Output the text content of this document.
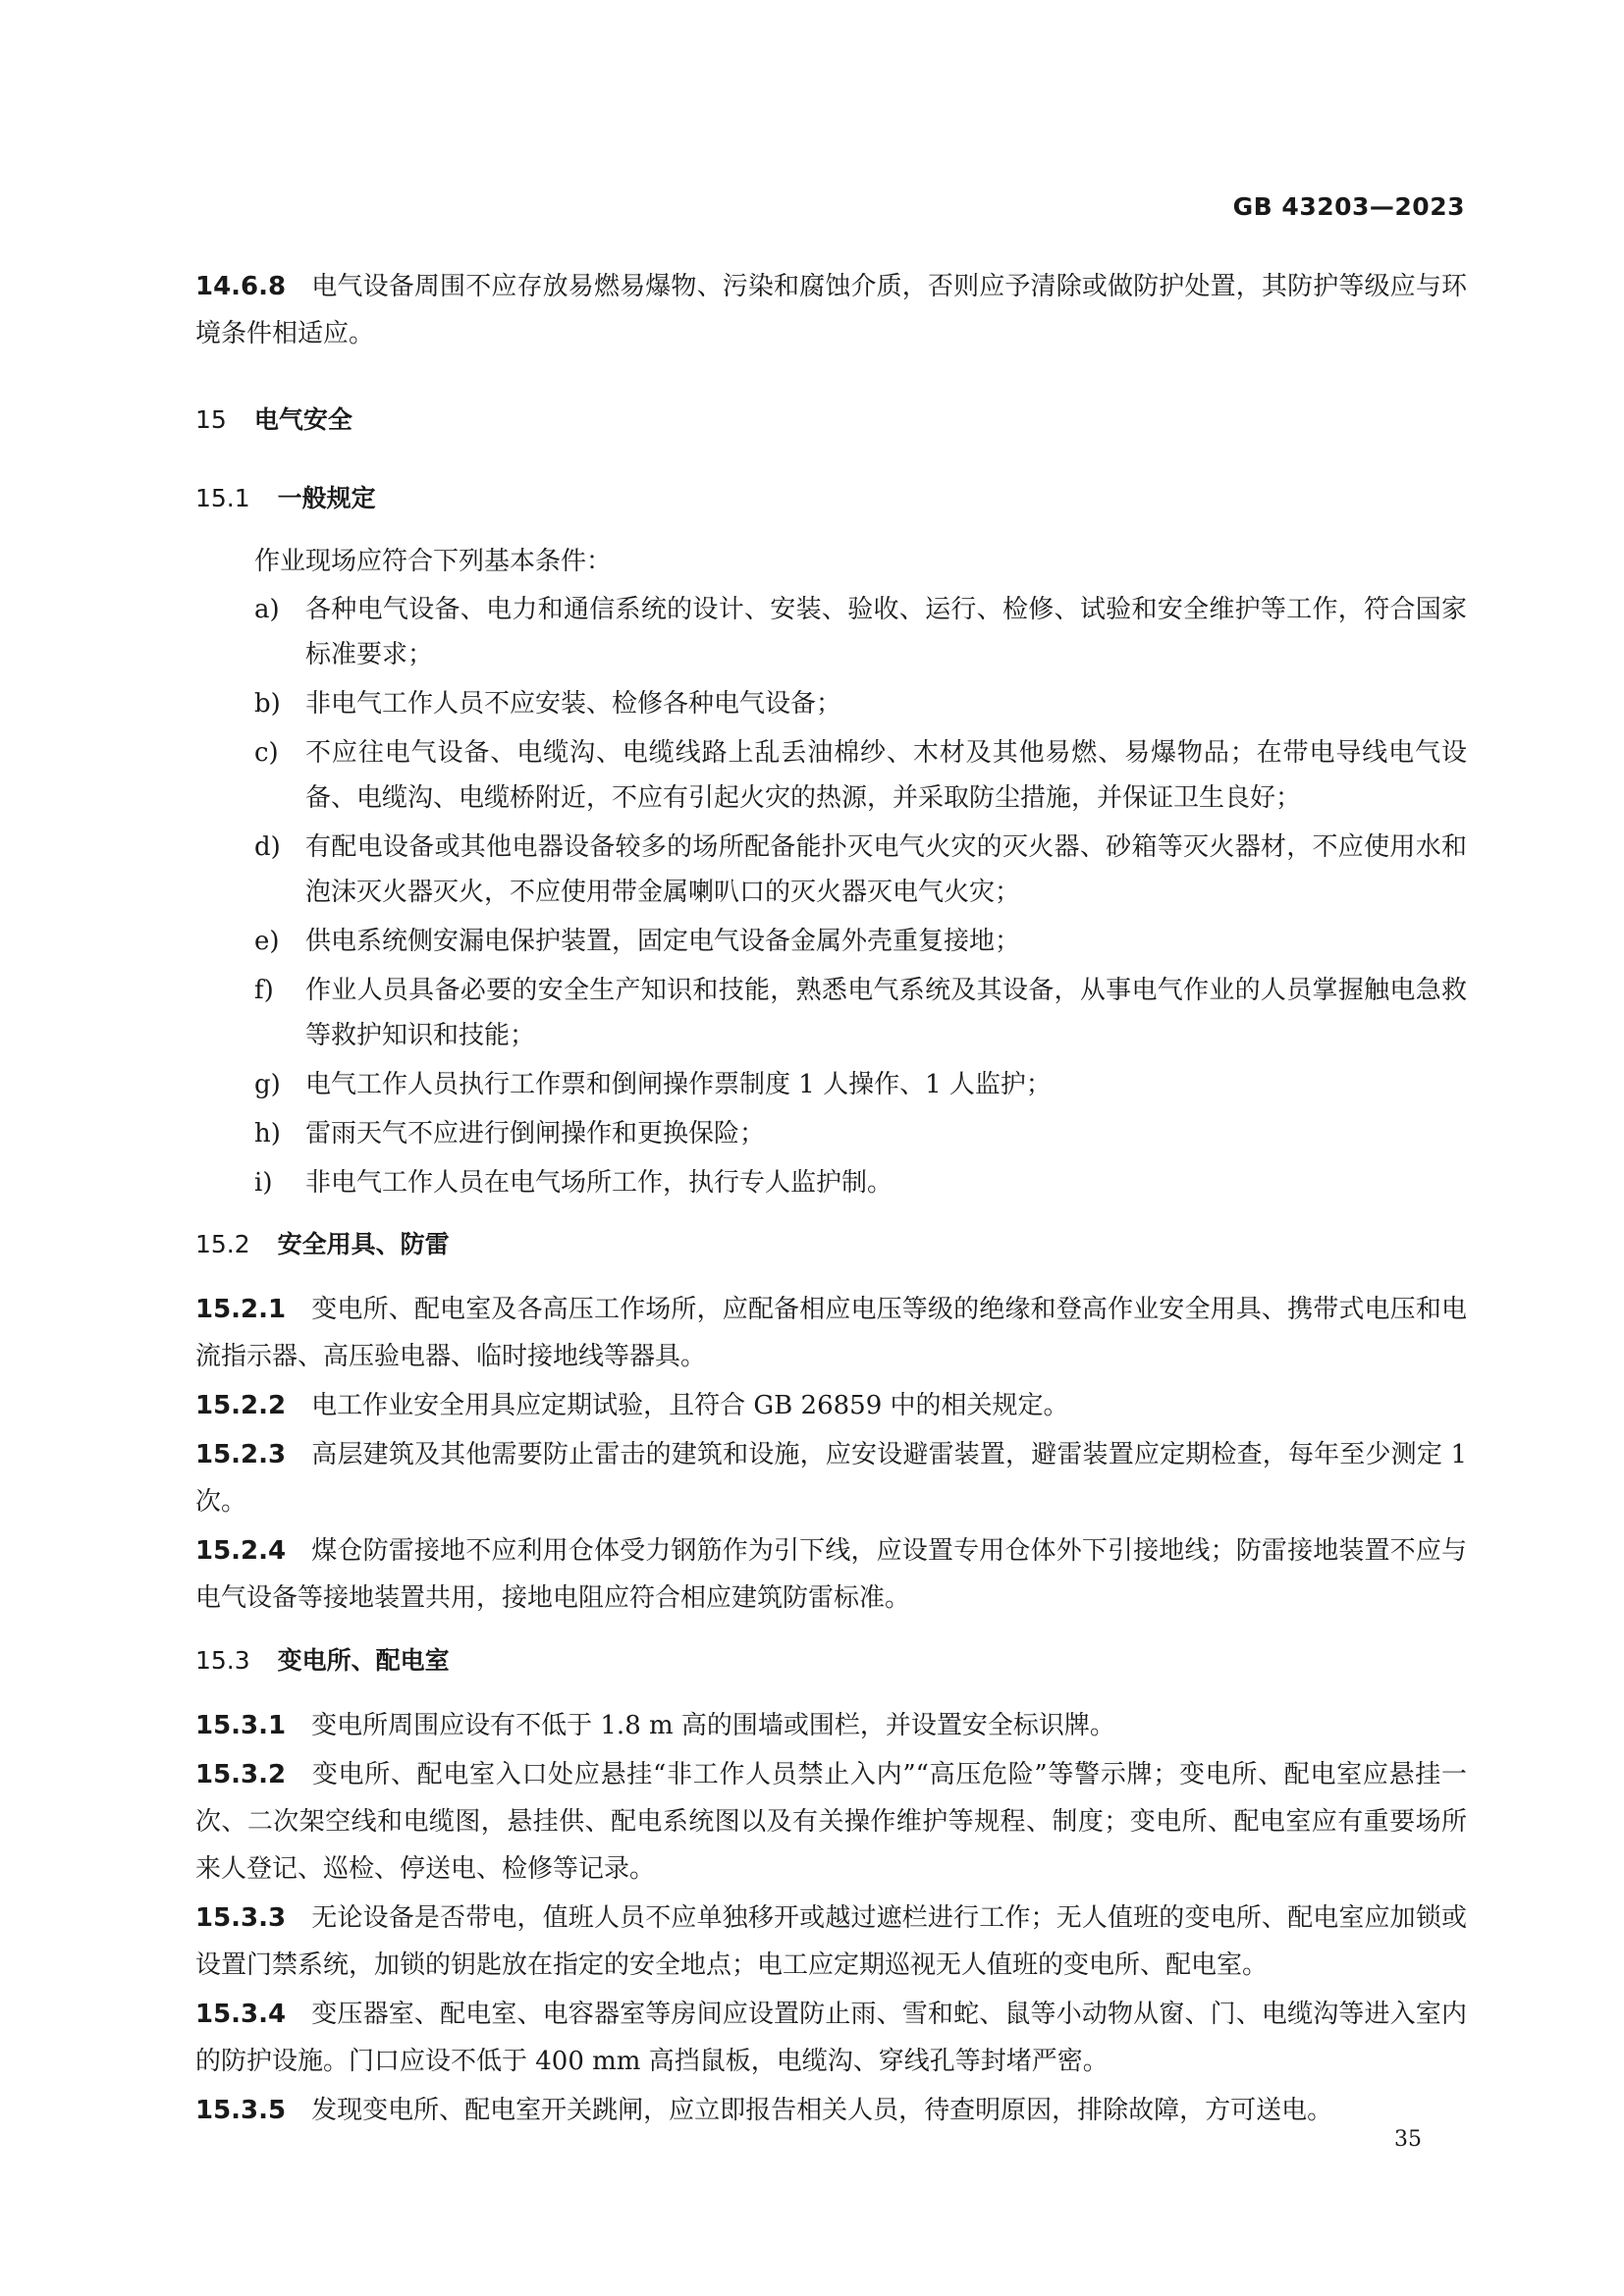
GB 43203—2023

14.6.8 电气设备周围不应存放易燃易爆物、污染和腐蚀介质，否则应予清除或做防护处置，其防护等级应与环境条件相适应。

15 电气安全
15.1 一般规定

作业现场应符合下列基本条件：

a) 各种电气设备、电力和通信系统的设计、安装、验收、运行、检修、试验和安全维护等工作，符合国家标准要求；
b) 非电气工作人员不应安装、检修各种电气设备；
c) 不应往电气设备、电缆沟、电缆线路上乱丢油棉纱、木材及其他易燃、易爆物品；在带电导线电气设备、电缆沟、电缆桥附近，不应有引起火灾的热源，并采取防尘措施，并保证卫生良好；
d) 有配电设备或其他电器设备较多的场所配备能扑灭电气火灾的灭火器、砂箱等灭火器材，不应使用水和泡沫灭火器灭火，不应使用带金属喇叭口的灭火器灭电气火灾；
e) 供电系统侧安漏电保护装置，固定电气设备金属外壳重复接地；
f) 作业人员具备必要的安全生产知识和技能，熟悉电气系统及其设备，从事电气作业的人员掌握触电急救等救护知识和技能；
g) 电气工作人员执行工作票和倒闸操作票制度 1 人操作、1 人监护；
h) 雷雨天气不应进行倒闸操作和更换保险；
i) 非电气工作人员在电气场所工作，执行专人监护制。
15.2 安全用具、防雷

15.2.1 变电所、配电室及各高压工作场所，应配备相应电压等级的绝缘和登高作业安全用具、携带式电压和电流指示器、高压验电器、临时接地线等器具。

15.2.2 电工作业安全用具应定期试验，且符合 GB 26859 中的相关规定。

15.2.3 高层建筑及其他需要防止雷击的建筑和设施，应安设避雷装置，避雷装置应定期检查，每年至少测定 1 次。

15.2.4 煤仓防雷接地不应利用仓体受力钢筋作为引下线，应设置专用仓体外下引接地线；防雷接地装置不应与电气设备等接地装置共用，接地电阻应符合相应建筑防雷标准。

15.3 变电所、配电室

15.3.1 变电所周围应设有不低于 1.8 m 高的围墙或围栏，并设置安全标识牌。

15.3.2 变电所、配电室入口处应悬挂“非工作人员禁止入内”“高压危险”等警示牌；变电所、配电室应悬挂一次、二次架空线和电缆图，悬挂供、配电系统图以及有关操作维护等规程、制度；变电所、配电室应有重要场所来人登记、巡检、停送电、检修等记录。

15.3.3 无论设备是否带电，值班人员不应单独移开或越过遮栏进行工作；无人值班的变电所、配电室应加锁或设置门禁系统，加锁的钥匙放在指定的安全地点；电工应定期巡视无人值班的变电所、配电室。

15.3.4 变压器室、配电室、电容器室等房间应设置防止雨、雪和蛇、鼠等小动物从窗、门、电缆沟等进入室内的防护设施。门口应设不低于 400 mm 高挡鼠板，电缆沟、穿线孔等封堵严密。

15.3.5 发现变电所、配电室开关跳闸，应立即报告相关人员，待查明原因，排除故障，方可送电。

35
